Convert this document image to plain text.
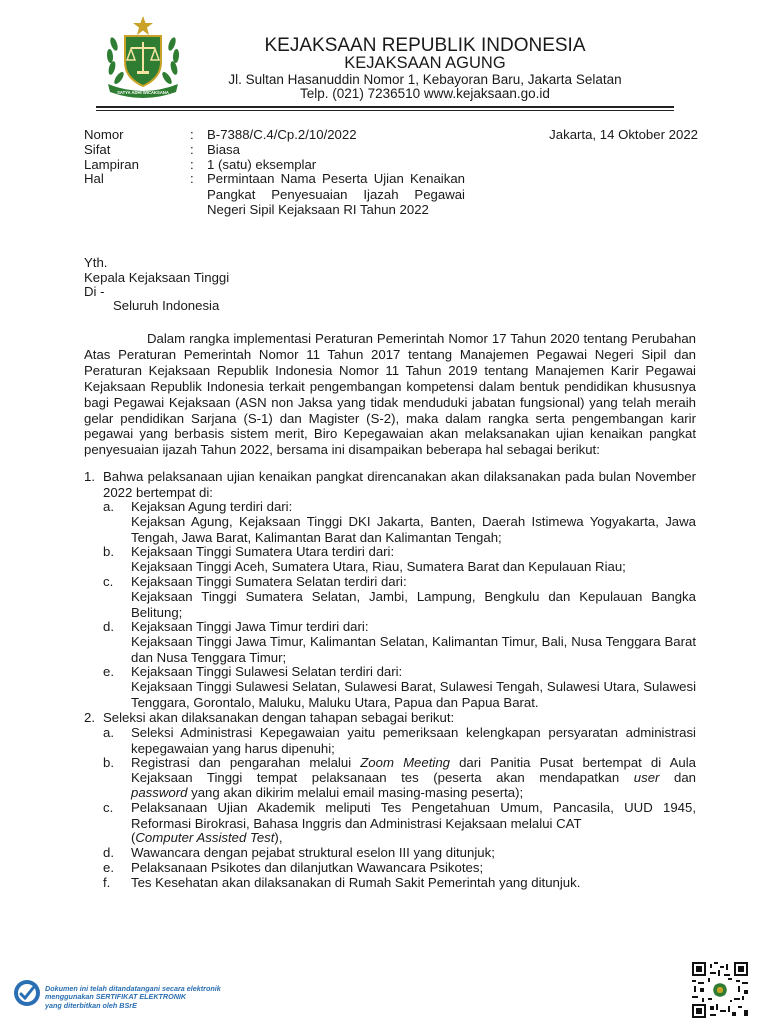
SATYA ADHI WICAKSANA
KEJAKSAAN REPUBLIK INDONESIA
KEJAKSAAN AGUNG
Jl. Sultan Hasanuddin Nomor 1, Kebayoran Baru, Jakarta Selatan
Telp. (021) 7236510 www.kejaksaan.go.id
Nomor	: B-7388/C.4/Cp.2/10/2022	Jakarta, 14 Oktober 2022
Sifat	: Biasa
Lampiran	: 1 (satu) eksemplar
Hal	: Permintaan Nama Peserta Ujian Kenaikan Pangkat Penyesuaian Ijazah Pegawai Negeri Sipil Kejaksaan RI Tahun 2022
Yth.
Kepala Kejaksaan Tinggi
Di -
Seluruh Indonesia
Dalam rangka implementasi Peraturan Pemerintah Nomor 17 Tahun 2020 tentang Perubahan Atas Peraturan Pemerintah Nomor 11 Tahun 2017 tentang Manajemen Pegawai Negeri Sipil dan Peraturan Kejaksaan Republik Indonesia Nomor 11 Tahun 2019 tentang Manajemen Karir Pegawai Kejaksaan Republik Indonesia terkait pengembangan kompetensi dalam bentuk pendidikan khususnya bagi Pegawai Kejaksaan (ASN non Jaksa yang tidak menduduki jabatan fungsional) yang telah meraih gelar pendidikan Sarjana (S-1) dan Magister (S-2), maka dalam rangka serta pengembangan karir pegawai yang berbasis sistem merit, Biro Kepegawaian akan melaksanakan ujian kenaikan pangkat penyesuaian ijazah Tahun 2022, bersama ini disampaikan beberapa hal sebagai berikut:
1. Bahwa pelaksanaan ujian kenaikan pangkat direncanakan akan dilaksanakan pada bulan November 2022 bertempat di:
a. Kejaksan Agung terdiri dari:
Kejaksan Agung, Kejaksaan Tinggi DKI Jakarta, Banten, Daerah Istimewa Yogyakarta, Jawa Tengah, Jawa Barat, Kalimantan Barat dan Kalimantan Tengah;
b. Kejaksaan Tinggi Sumatera Utara terdiri dari:
Kejaksaan Tinggi Aceh, Sumatera Utara, Riau, Sumatera Barat dan Kepulauan Riau;
c. Kejaksaan Tinggi Sumatera Selatan terdiri dari:
Kejaksaan Tinggi Sumatera Selatan, Jambi, Lampung, Bengkulu dan Kepulauan Bangka Belitung;
d. Kejaksaan Tinggi Jawa Timur terdiri dari:
Kejaksaan Tinggi Jawa Timur, Kalimantan Selatan, Kalimantan Timur, Bali, Nusa Tenggara Barat dan Nusa Tenggara Timur;
e. Kejaksaan Tinggi Sulawesi Selatan terdiri dari:
Kejaksaan Tinggi Sulawesi Selatan, Sulawesi Barat, Sulawesi Tengah, Sulawesi Utara, Sulawesi Tenggara, Gorontalo, Maluku, Maluku Utara, Papua dan Papua Barat.
2. Seleksi akan dilaksanakan dengan tahapan sebagai berikut:
a. Seleksi Administrasi Kepegawaian yaitu pemeriksaan kelengkapan persyaratan administrasi kepegawaian yang harus dipenuhi;
b. Registrasi dan pengarahan melalui Zoom Meeting dari Panitia Pusat bertempat di Aula
Kejaksaan Tinggi tempat pelaksanaan tes (peserta akan mendapatkan user dan
password yang akan dikirim melalui email masing-masing peserta);
c. Pelaksanaan Ujian Akademik meliputi Tes Pengetahuan Umum, Pancasila, UUD 1945, Reformasi Birokrasi, Bahasa Inggris dan Administrasi Kejaksaan melalui CAT
(Computer Assisted Test),
d. Wawancara dengan pejabat struktural eselon III yang ditunjuk;
e. Pelaksanaan Psikotes dan dilanjutkan Wawancara Psikotes;
f. Tes Kesehatan akan dilaksanakan di Rumah Sakit Pemerintah yang ditunjuk.
Dokumen ini telah ditandatangani secara elektronik
menggunakan SERTIFIKAT ELEKTRONIK
yang diterbitkan oleh BSrE
